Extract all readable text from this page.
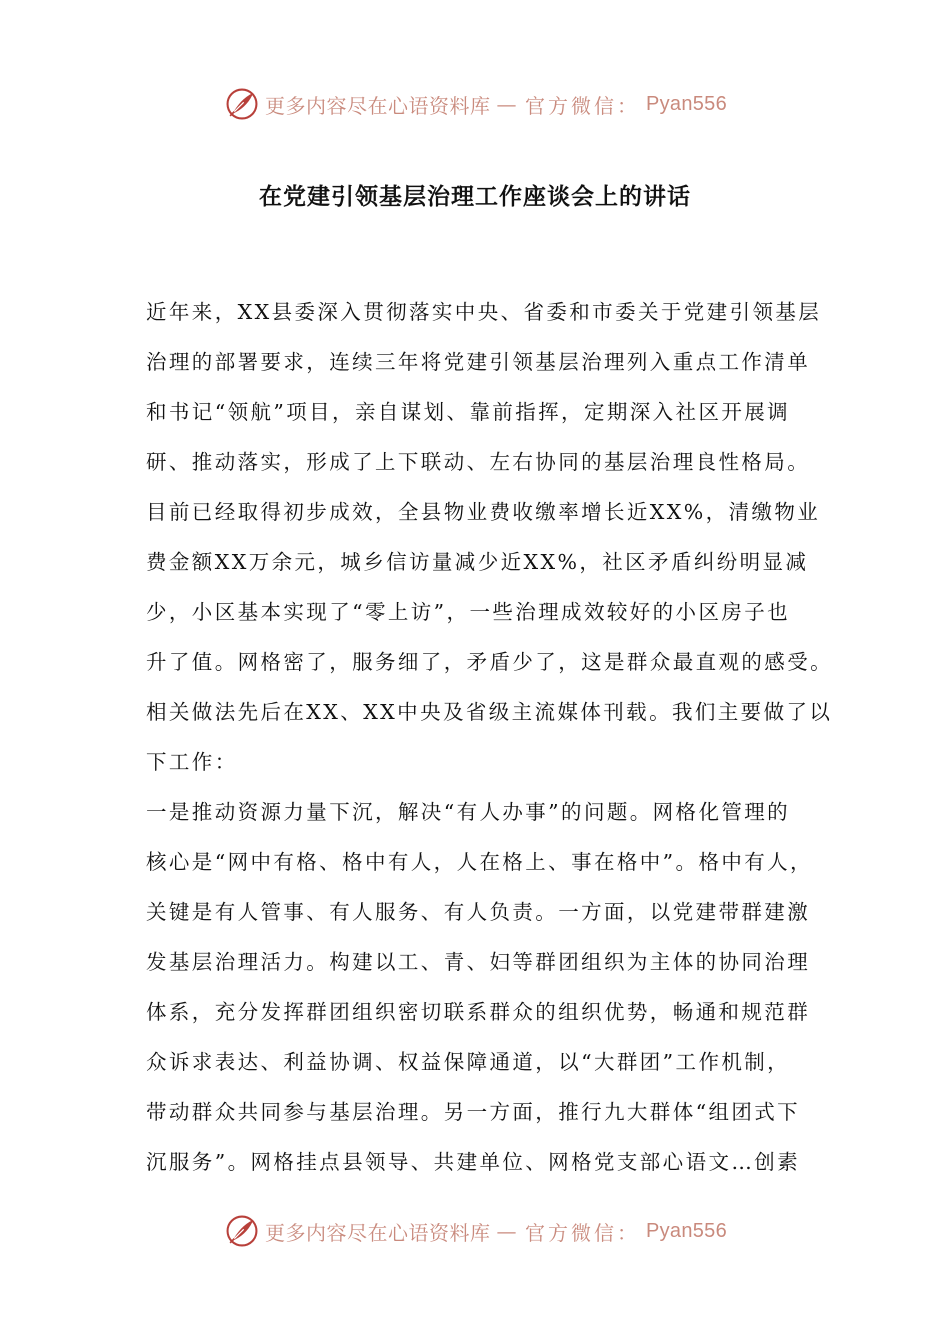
更多内容尽在心语资料库 — 官方微信： Pyan556
在党建引领基层治理工作座谈会上的讲话
近年来，XX县委深入贯彻落实中央、省委和市委关于党建引领基层
治理的部署要求，连续三年将党建引领基层治理列入重点工作清单
和书记“领航”项目，亲自谋划、靠前指挥，定期深入社区开展调
研、推动落实，形成了上下联动、左右协同的基层治理良性格局。
目前已经取得初步成效，全县物业费收缴率增长近XX%，清缴物业
费金额XX万余元，城乡信访量减少近XX%，社区矛盾纠纷明显减
少，小区基本实现了“零上访”，一些治理成效较好的小区房子也
升了值。网格密了，服务细了，矛盾少了，这是群众最直观的感受。
相关做法先后在XX、XX中央及省级主流媒体刊载。我们主要做了以
下工作：
一是推动资源力量下沉，解决“有人办事”的问题。网格化管理的
核心是“网中有格、格中有人，人在格上、事在格中”。格中有人，
关键是有人管事、有人服务、有人负责。一方面，以党建带群建激
发基层治理活力。构建以工、青、妇等群团组织为主体的协同治理
体系，充分发挥群团组织密切联系群众的组织优势，畅通和规范群
众诉求表达、利益协调、权益保障通道，以“大群团”工作机制，
带动群众共同参与基层治理。另一方面，推行九大群体“组团式下
沉服务”。网格挂点县领导、共建单位、网格党支部心语文…创素
更多内容尽在心语资料库 — 官方微信： Pyan556
